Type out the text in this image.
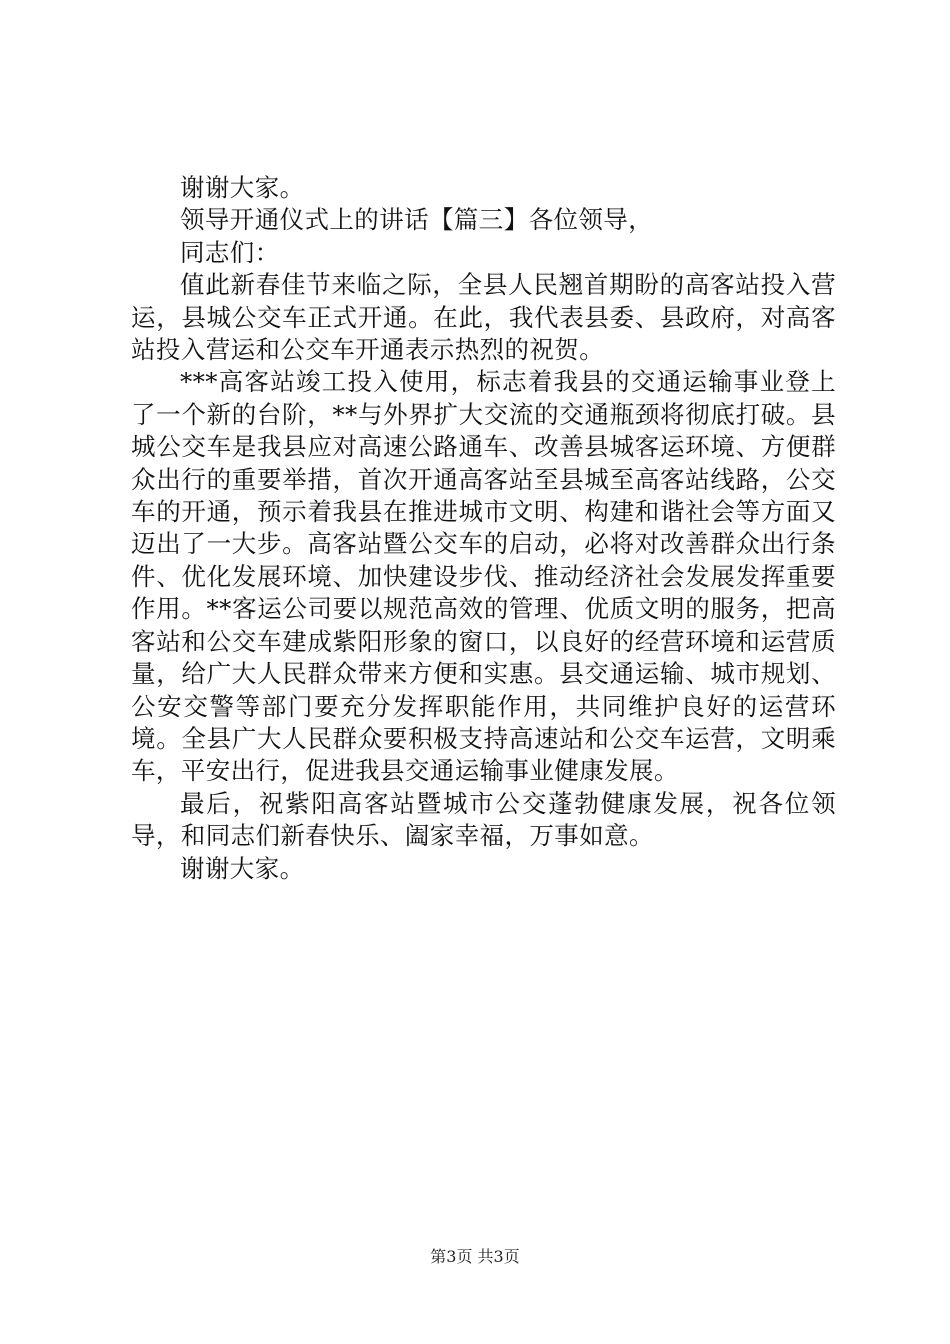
谢谢大家。

领导开通仪式上的讲话【篇三】各位领导，

同志们：

值此新春佳节来临之际，全县人民翘首期盼的高客站投入营运，县城公交车正式开通。在此，我代表县委、县政府，对高客站投入营运和公交车开通表示热烈的祝贺。

***高客站竣工投入使用，标志着我县的交通运输事业登上了一个新的台阶，**与外界扩大交流的交通瓶颈将彻底打破。县城公交车是我县应对高速公路通车、改善县城客运环境、方便群众出行的重要举措，首次开通高客站至县城至高客站线路，公交车的开通，预示着我县在推进城市文明、构建和谐社会等方面又迈出了一大步。高客站暨公交车的启动，必将对改善群众出行条件、优化发展环境、加快建设步伐、推动经济社会发展发挥重要作用。**客运公司要以规范高效的管理、优质文明的服务，把高客站和公交车建成紫阳形象的窗口，以良好的经营环境和运营质量，给广大人民群众带来方便和实惠。县交通运输、城市规划、公安交警等部门要充分发挥职能作用，共同维护良好的运营环境。全县广大人民群众要积极支持高速站和公交车运营，文明乘车，平安出行，促进我县交通运输事业健康发展。

最后，祝紫阳高客站暨城市公交蓬勃健康发展，祝各位领导，和同志们新春快乐、阖家幸福，万事如意。

谢谢大家。

第3页 共3页
